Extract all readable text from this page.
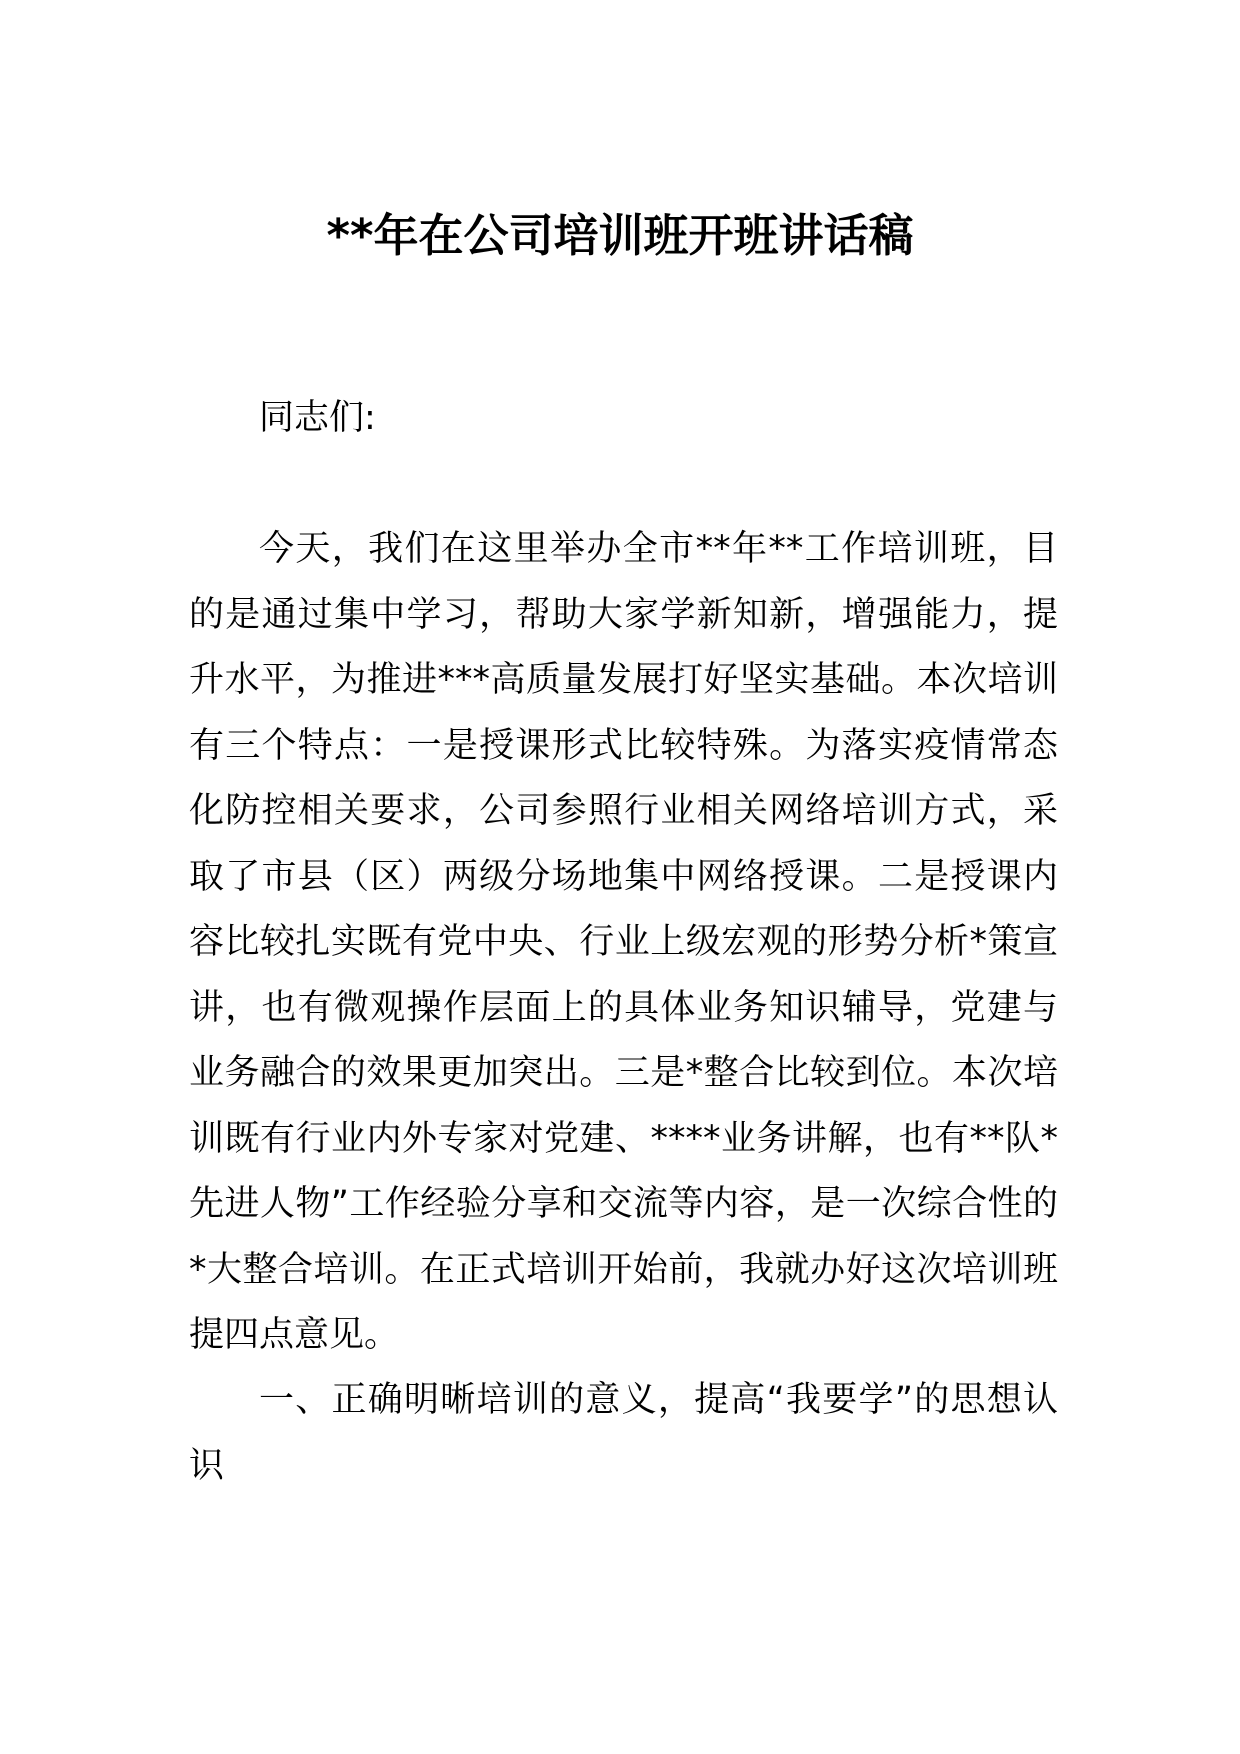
**年在公司培训班开班讲话稿

同志们:

今天，我们在这里举办全市**年**工作培训班，目的是通过集中学习，帮助大家学新知新，增强能力，提升水平，为推进***高质量发展打好坚实基础。本次培训有三个特点：一是授课形式比较特殊。为落实疫情常态化防控相关要求，公司参照行业相关网络培训方式，采取了市县（区）两级分场地集中网络授课。二是授课内容比较扎实既有党中央、行业上级宏观的形势分析*策宣讲，也有微观操作层面上的具体业务知识辅导，党建与业务融合的效果更加突出。三是*整合比较到位。本次培训既有行业内外专家对党建、****业务讲解，也有**队*先进人物”工作经验分享和交流等内容，是一次综合性的*大整合培训。在正式培训开始前，我就办好这次培训班提四点意见。

一、正确明晰培训的意义，提高“我要学”的思想认识
